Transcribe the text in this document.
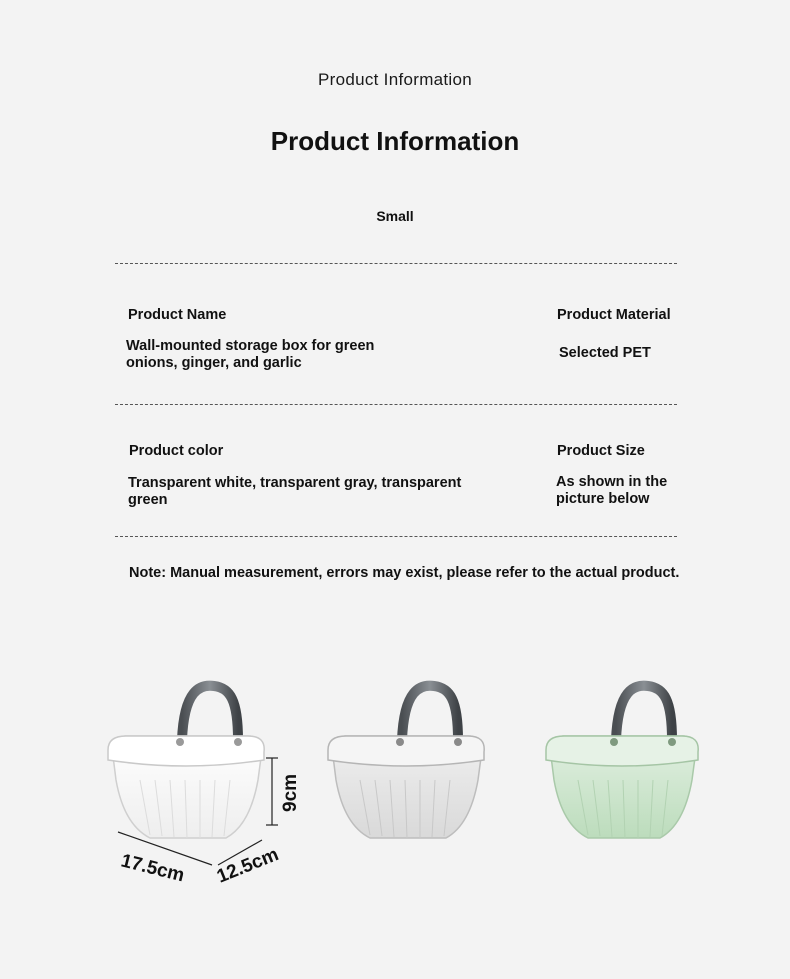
Product Information
Product Information
Small
Product Name
Wall-mounted storage box for green
onions, ginger, and garlic
Product Material
Selected PET
Product color
Transparent white, transparent gray, transparent
green
Product Size
As shown in the
picture below
Note: Manual measurement, errors may exist, please refer to the actual product.
17.5cm 12.5cm
9cm
